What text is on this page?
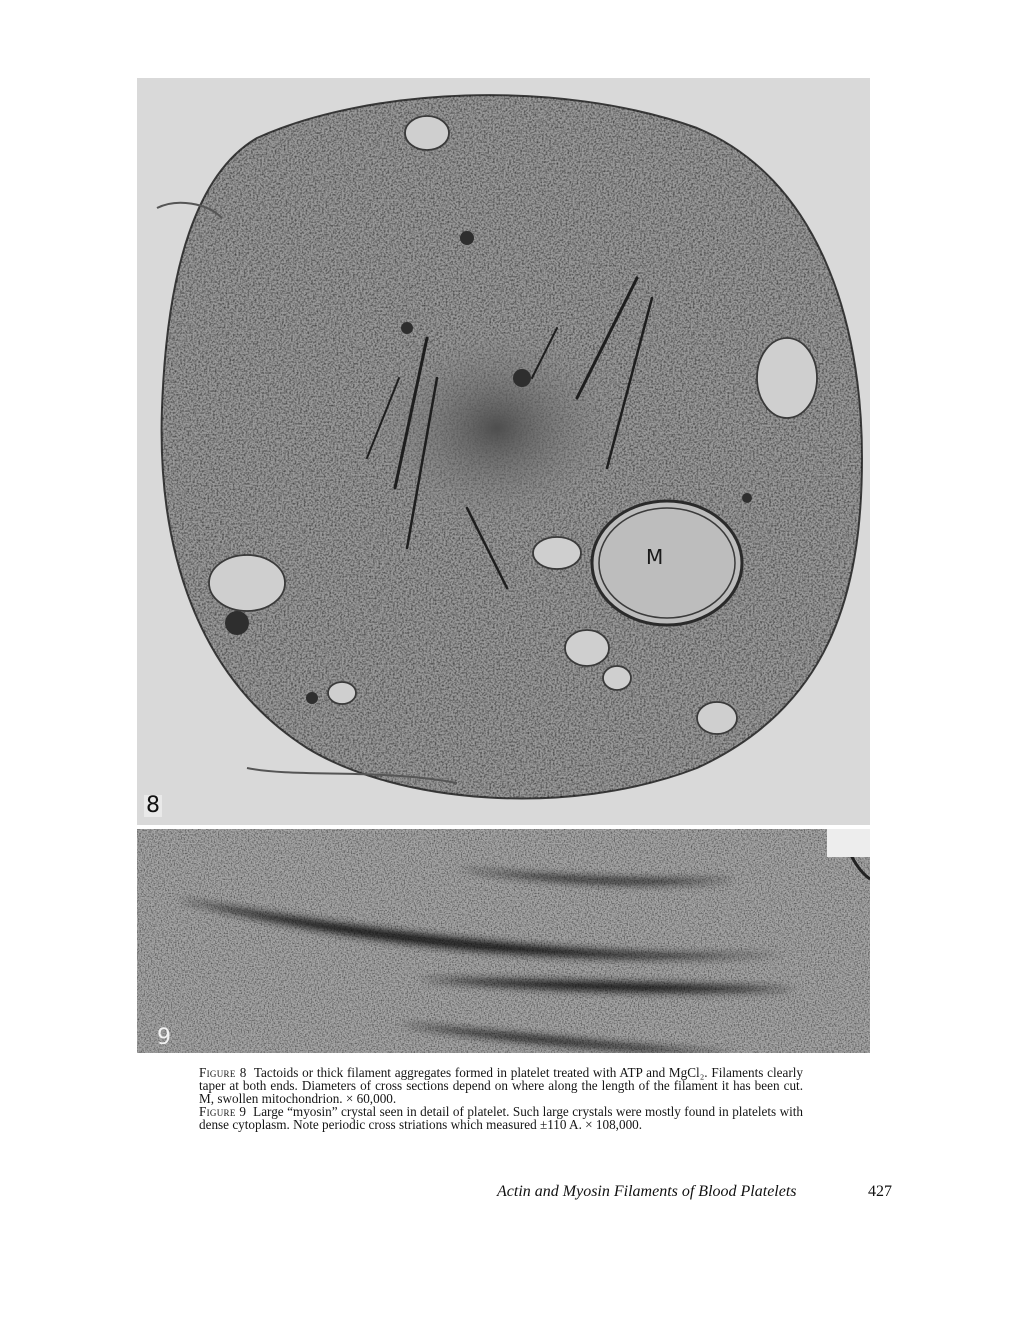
M
8
9

Figure 8 Tactoids or thick filament aggregates formed in platelet treated with ATP and MgCl₂. Filaments clearly taper at both ends. Diameters of cross sections depend on where along the length of the filament it has been cut. M, swollen mitochondrion. × 60,000.

Figure 9 Large “myosin” crystal seen in detail of platelet. Such large crystals were mostly found in platelets with dense cytoplasm. Note periodic cross striations which measured ±110 A. × 108,000.

Actin and Myosin Filaments of Blood Platelets	427
